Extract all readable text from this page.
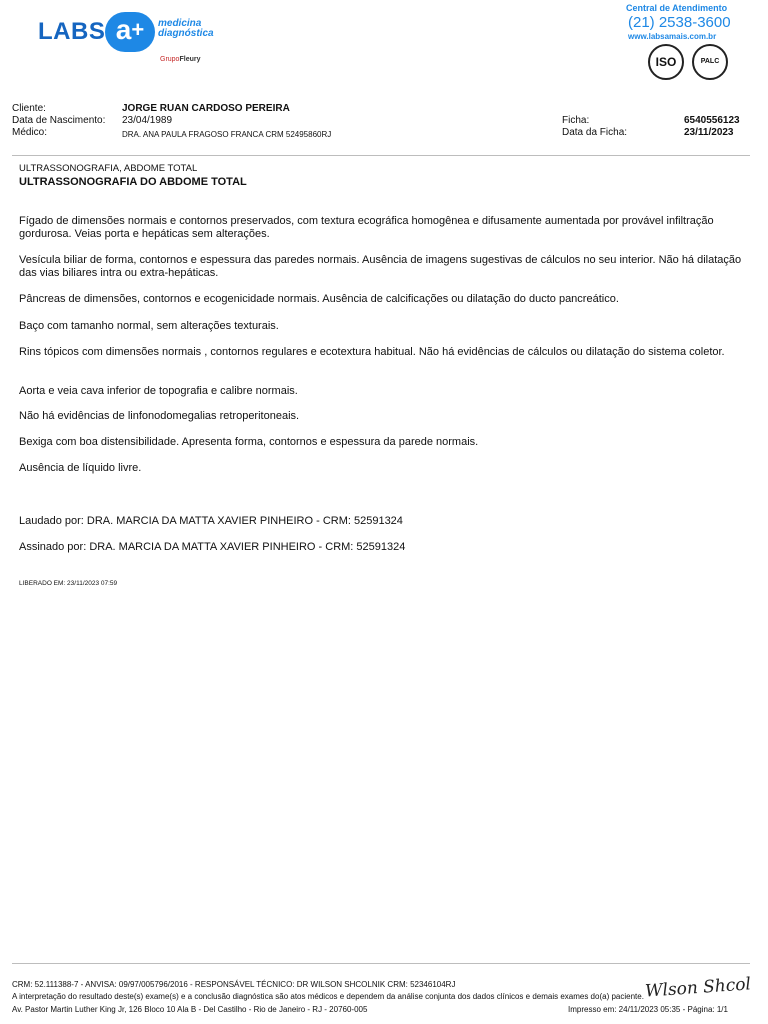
LABS a+	medicina
diagnóstica
GrupoFleury
Central de Atendimento
(21) 2538-3600
www.labsamais.com.br
ISO	PALC
Cliente:	JORGE RUAN CARDOSO PEREIRA
Data de Nascimento: 23/04/1989
Médico:	DRA. ANA PAULA FRAGOSO FRANCA CRM 52495860RJ
Ficha:	6540556123
Data da Ficha:	23/11/2023
ULTRASSONOGRAFIA, ABDOME TOTAL
ULTRASSONOGRAFIA DO ABDOME TOTAL
Fígado de dimensões normais e contornos preservados, com textura ecográfica homogênea e difusamente aumentada por provável infiltração gordurosa. Veias porta e hepáticas sem alterações.
Vesícula biliar de forma, contornos e espessura das paredes normais. Ausência de imagens sugestivas de cálculos no seu interior. Não há dilatação das vias biliares intra ou extra-hepáticas.
Pâncreas de dimensões, contornos e ecogenicidade normais. Ausência de calcificações ou dilatação do ducto pancreático.
Baço com tamanho normal, sem alterações texturais.
Rins tópicos com dimensões normais , contornos regulares e ecotextura habitual. Não há evidências de cálculos ou dilatação do sistema coletor.
Aorta e veia cava inferior de topografia e calibre normais.
Não há evidências de linfonodomegalias retroperitoneais.
Bexiga com boa distensibilidade. Apresenta forma, contornos e espessura da parede normais.
Ausência de líquido livre.
Laudado por: DRA. MARCIA DA MATTA XAVIER PINHEIRO - CRM: 52591324
Assinado por: DRA. MARCIA DA MATTA XAVIER PINHEIRO - CRM: 52591324
LIBERADO EM: 23/11/2023 07:59
CRM: 52.111388-7 - ANVISA: 09/97/005796/2016 - RESPONSÁVEL TÉCNICO: DR WILSON SHCOLNIK CRM: 52346104RJ
A interpretação do resultado deste(s) exame(s) e a conclusão diagnóstica são atos médicos e dependem da análise conjunta dos dados clínicos e demais exames do(a) paciente.
Av. Pastor Martin Luther King Jr, 126 Bloco 10 Ala B - Del Castilho - Rio de Janeiro - RJ - 20760-005	Impresso em: 24/11/2023 05:35 - Página: 1/1
Wlson Shcol
